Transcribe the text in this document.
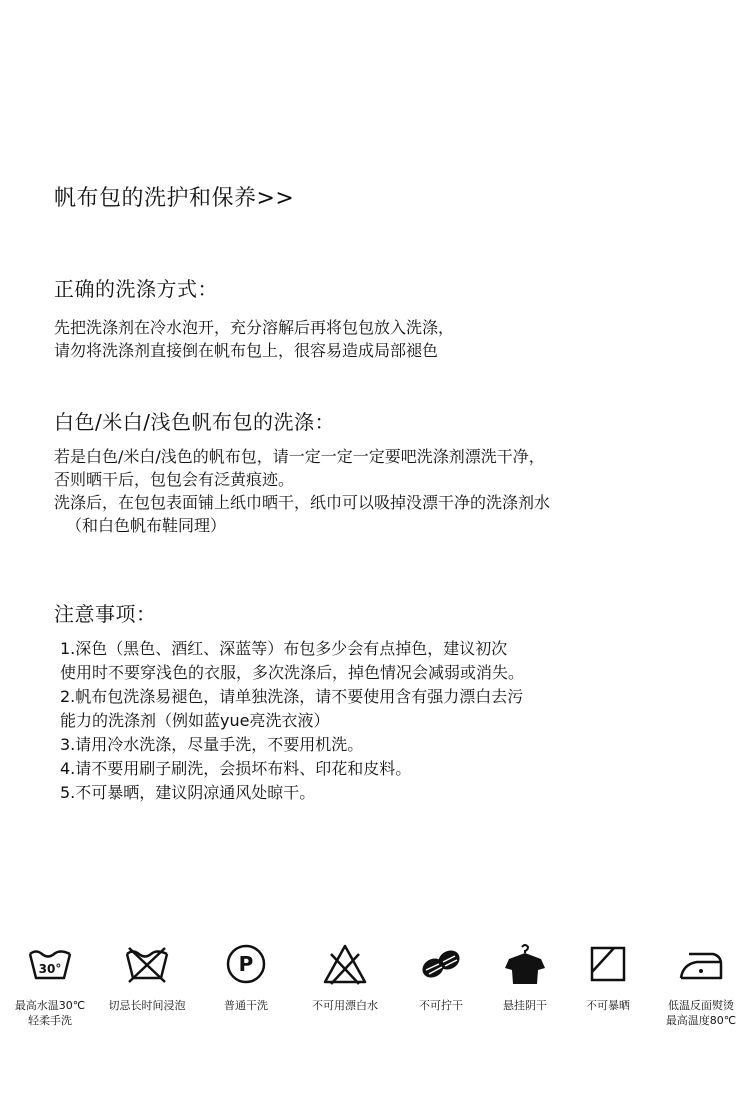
帆布包的洗护和保养>>
正确的洗涤方式：

先把洗涤剂在冷水泡开，充分溶解后再将包包放入洗涤，

请勿将洗涤剂直接倒在帆布包上，很容易造成局部褪色

白色/米白/浅色帆布包的洗涤：

若是白色/米白/浅色的帆布包，请一定一定一定要吧洗涤剂漂洗干净，

否则晒干后，包包会有泛黄痕迹。

洗涤后，在包包表面铺上纸巾晒干，纸巾可以吸掉没漂干净的洗涤剂水

（和白色帆布鞋同理）

注意事项：
1.深色（黑色、酒红、深蓝等）布包多少会有点掉色，建议初次
使用时不要穿浅色的衣服，多次洗涤后，掉色情况会减弱或消失。
2.帆布包洗涤易褪色，请单独洗涤，请不要使用含有强力漂白去污
能力的洗涤剂（例如蓝yue亮洗衣液）
3.请用冷水洗涤，尽量手洗，不要用机洗。
4.请不要用刷子刷洗，会损坏布料、印花和皮料。
5.不可暴晒，建议阴凉通风处晾干。
30°
最高水温30℃
轻柔手洗
切忌长时间浸泡
P
普通干洗	不可用漂白水	不可拧干	悬挂阴干	不可暴晒	低温反面熨烫
最高温度80℃
